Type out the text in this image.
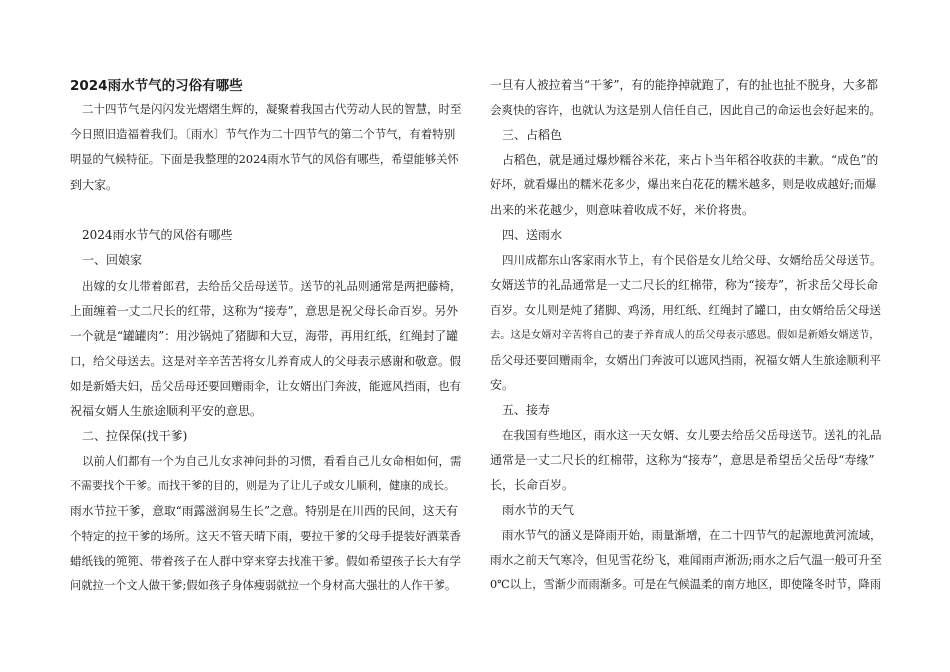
2024雨水节气的习俗有哪些
二十四节气是闪闪发光熠熠生辉的，凝聚着我国古代劳动人民的智慧，时至
今日照旧造福着我们。〔雨水〕节气作为二十四节气的第二个节气，有着特别
明显的气候特征。下面是我整理的2024雨水节气的风俗有哪些，希望能够关怀
到大家。
2024雨水节气的风俗有哪些
一、回娘家
出嫁的女儿带着郎君，去给岳父岳母送节。送节的礼品则通常是两把藤椅，
上面缠着一丈二尺长的红带，这称为“接寿”，意思是祝父母长命百岁。另外
一个就是“罐罐肉”：用沙锅炖了猪脚和大豆，海带，再用红纸，红绳封了罐
口，给父母送去。这是对辛辛苦苦将女儿养育成人的父母表示感谢和敬意。假
如是新婚夫妇，岳父岳母还要回赠雨伞，让女婿出门奔波，能遮风挡雨，也有
祝福女婿人生旅途顺利平安的意思。
二、拉保保(找干爹)
以前人们都有一个为自己儿女求神问卦的习惯，看看自己儿女命相如何，需
不需要找个干爹。而找干爹的目的，则是为了让儿子或女儿顺利，健康的成长。
雨水节拉干爹，意取“雨露滋润易生长”之意。特别是在川西的民间，这天有
个特定的拉干爹的场所。这天不管天晴下雨，要拉干爹的父母手提装好酒菜香
蜡纸钱的篼篼、带着孩子在人群中穿来穿去找准干爹。假如希望孩子长大有学
问就拉一个文人做干爹;假如孩子身体瘦弱就拉一个身材高大强壮的人作干爹。
一旦有人被拉着当“干爹”，有的能挣掉就跑了，有的扯也扯不脱身，大多都
会爽快的容许，也就认为这是别人信任自己，因此自己的命运也会好起来的。
三、占稻色
占稻色，就是通过爆炒糯谷米花，来占卜当年稻谷收获的丰歉。“成色”的
好坏，就看爆出的糯米花多少，爆出来白花花的糯米越多，则是收成越好;而爆
出来的米花越少，则意味着收成不好，米价将贵。
四、送雨水
四川成都东山客家雨水节上，有个民俗是女儿给父母、女婿给岳父母送节。
女婿送节的礼品通常是一丈二尺长的红棉带，称为“接寿”，祈求岳父母长命
百岁。女儿则是炖了猪脚、鸡汤，用红纸、红绳封了罐口，由女婿给岳父母送
去。这是女婿对辛苦将自己的妻子养育成人的岳父母表示感恩。假如是新婚女婿送节，
岳父母还要回赠雨伞，女婿出门奔波可以遮风挡雨，祝福女婿人生旅途顺利平
安。
五、接寿
在我国有些地区，雨水这一天女婿、女儿要去给岳父岳母送节。送礼的礼品
通常是一丈二尺长的红棉带，这称为“接寿”，意思是希望岳父岳母“寿缘”
长，长命百岁。
雨水节的天气
雨水节气的涵义是降雨开始，雨量渐增，在二十四节气的起源地黄河流域，
雨水之前天气寒冷，但见雪花纷飞，难闻雨声淅沥;雨水之后气温一般可升至
0℃以上，雪渐少而雨渐多。可是在气候温柔的南方地区，即使隆冬时节，降雨
